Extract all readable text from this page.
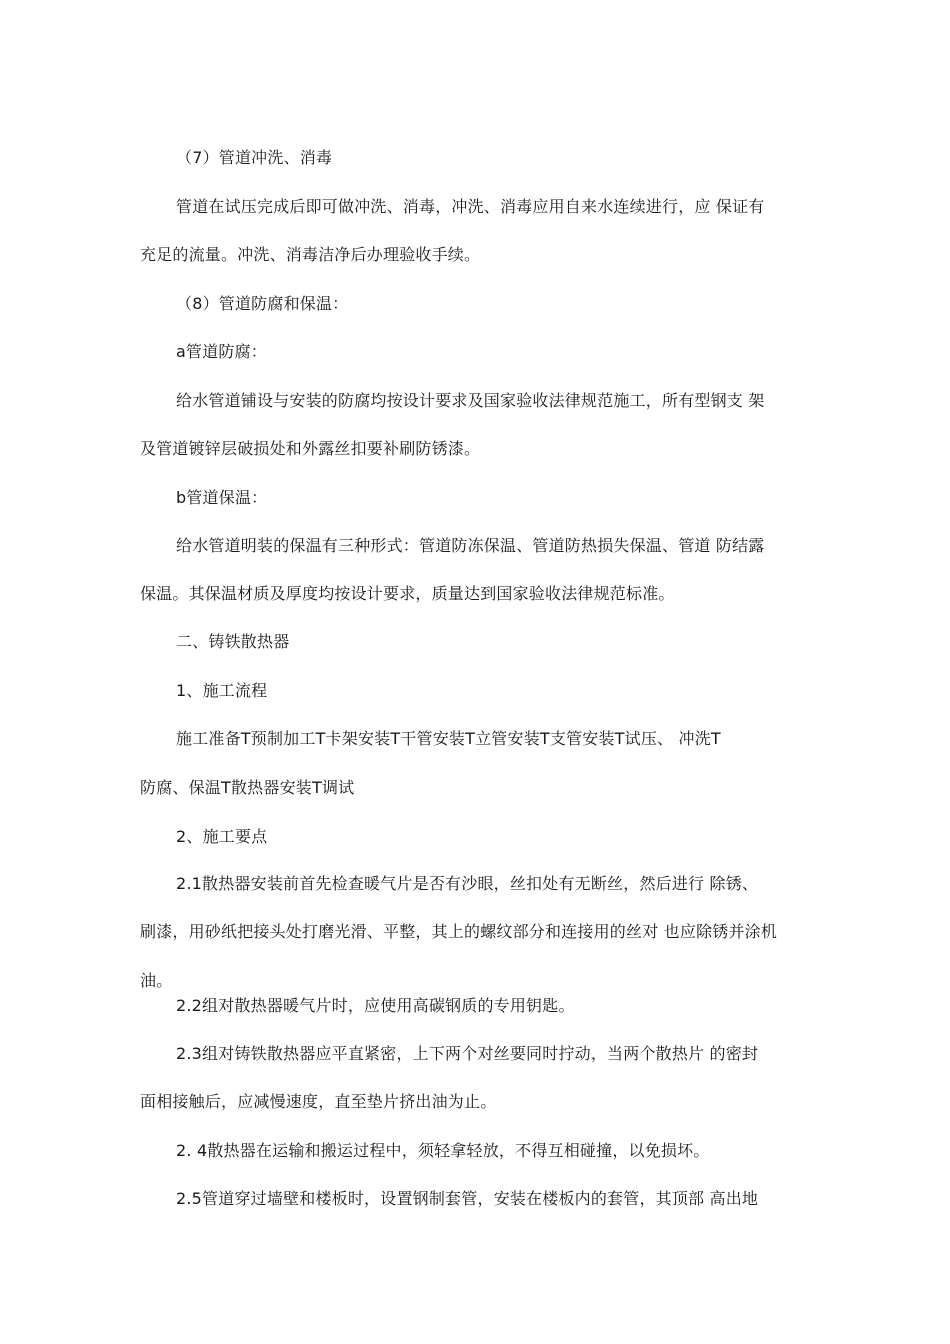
（7）管道冲洗、消毒
管道在试压完成后即可做冲洗、消毒，冲洗、消毒应用自来水连续进行，应 保证有
充足的流量。冲洗、消毒洁净后办理验收手续。
（8）管道防腐和保温：
a管道防腐：
给水管道铺设与安装的防腐均按设计要求及国家验收法律规范施工，所有型钢支 架
及管道镀锌层破损处和外露丝扣要补刷防锈漆。
b管道保温：
给水管道明装的保温有三种形式：管道防冻保温、管道防热损失保温、管道 防结露
保温。其保温材质及厚度均按设计要求，质量达到国家验收法律规范标准。
二、铸铁散热器
1、施工流程
施工准备T预制加工T卡架安装T干管安装T立管安装T支管安装T试压、 冲洗T
防腐、保温T散热器安装T调试
2、施工要点
2.1散热器安装前首先检查暖气片是否有沙眼，丝扣处有无断丝，然后进行 除锈、
刷漆，用砂纸把接头处打磨光滑、平整，其上的螺纹部分和连接用的丝对 也应除锈并涂机
油。
2.2组对散热器暖气片时，应使用高碳钢质的专用钥匙。
2.3组对铸铁散热器应平直紧密，上下两个对丝要同时拧动，当两个散热片 的密封
面相接触后，应减慢速度，直至垫片挤出油为止。
2. 4散热器在运输和搬运过程中，须轻拿轻放，不得互相碰撞，以免损坏。
2.5管道穿过墙壁和楼板时，设置钢制套管，安装在楼板内的套管，其顶部 高出地
